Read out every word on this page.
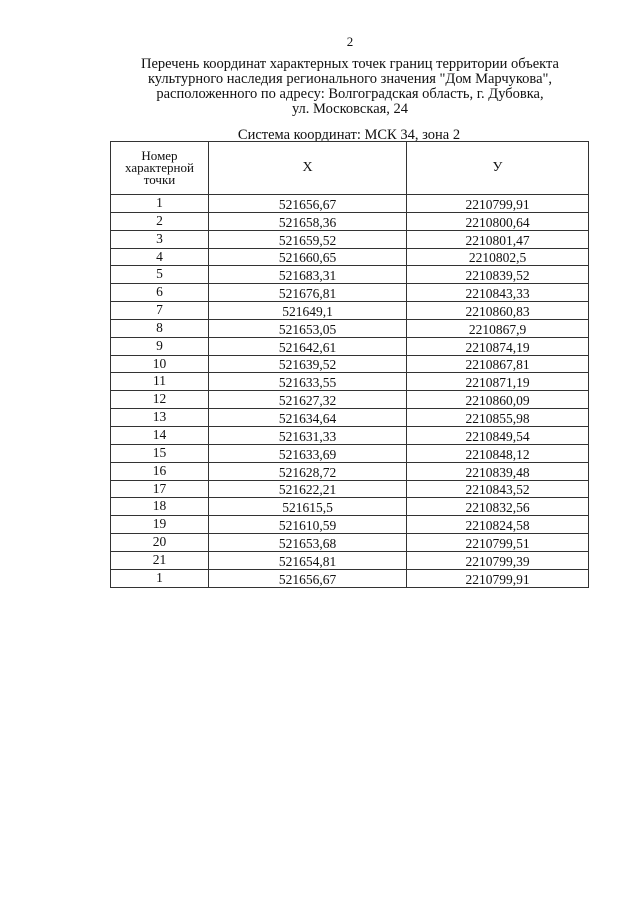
2
Перечень координат характерных точек границ территории объекта
культурного наследия регионального значения "Дом Марчукова",
расположенного по адресу: Волгоградская область, г. Дубовка,
ул. Московская, 24
Система координат: МСК 34, зона 2
Номер
характерной
точки	Х	У
1	521656,67	2210799,91
2	521658,36	2210800,64
3	521659,52	2210801,47
4	521660,65	2210802,5
5	521683,31	2210839,52
6	521676,81	2210843,33
7	521649,1	2210860,83
8	521653,05	2210867,9
9	521642,61	2210874,19
10	521639,52	2210867,81
11	521633,55	2210871,19
12	521627,32	2210860,09
13	521634,64	2210855,98
14	521631,33	2210849,54
15	521633,69	2210848,12
16	521628,72	2210839,48
17	521622,21	2210843,52
18	521615,5	2210832,56
19	521610,59	2210824,58
20	521653,68	2210799,51
21	521654,81	2210799,39
1	521656,67	2210799,91
